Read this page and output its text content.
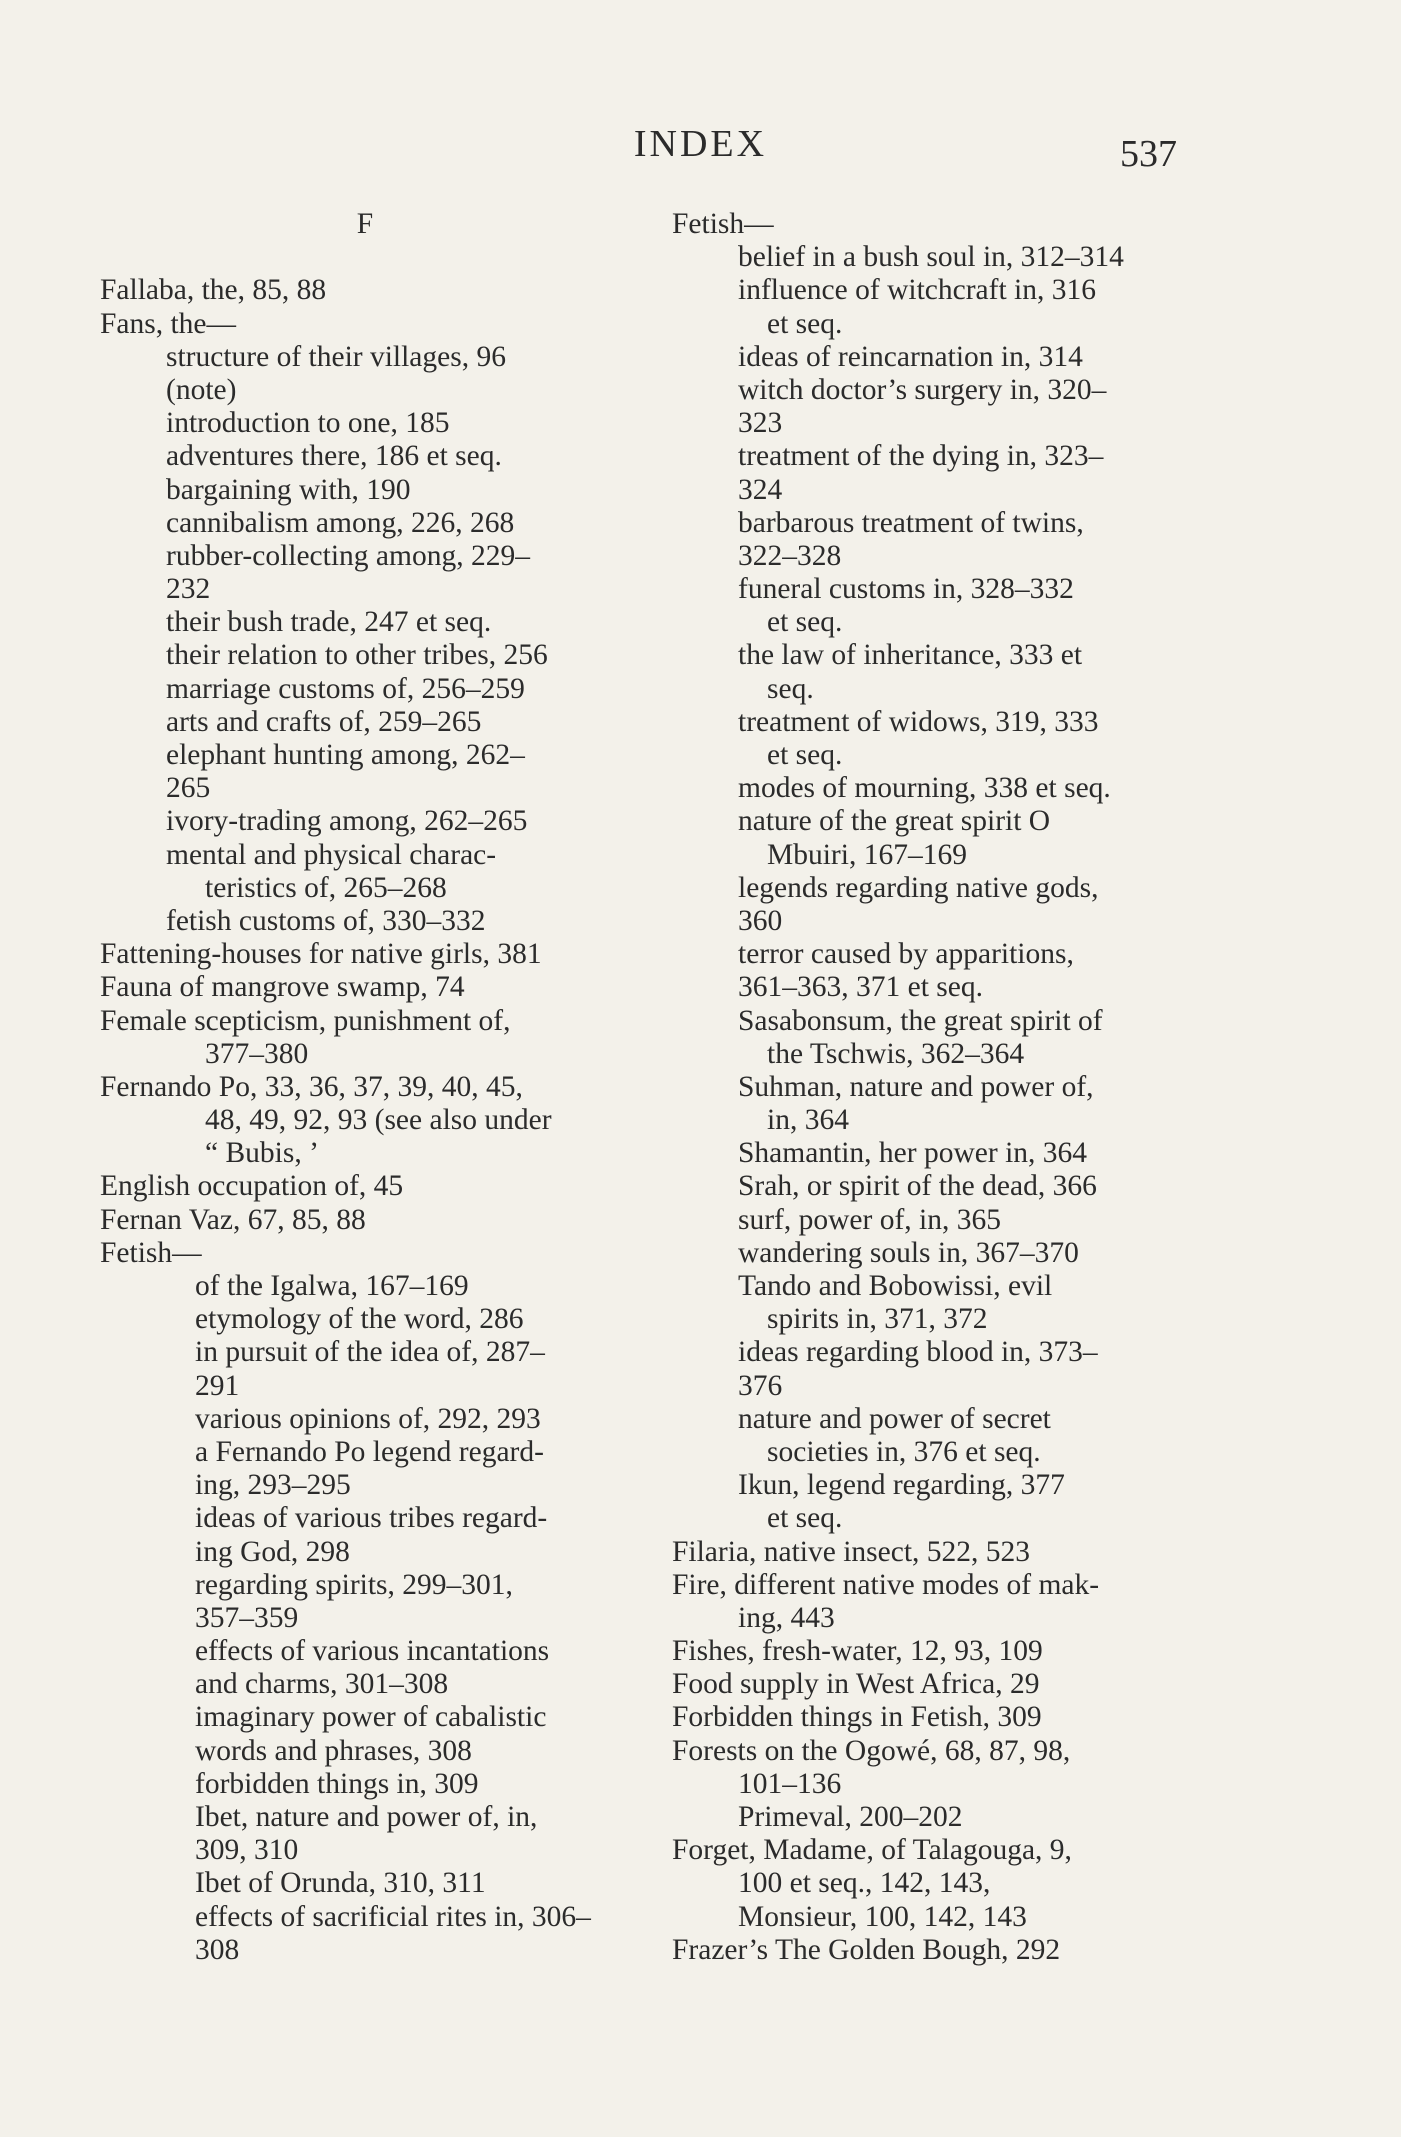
INDEX	537
F
Fallaba, the, 85, 88
Fans, the—
structure of their villages, 96
(note)
introduction to one, 185
adventures there, 186 et seq.
bargaining with, 190
cannibalism among, 226, 268
rubber-collecting among, 229–
232
their bush trade, 247 et seq.
their relation to other tribes, 256
marriage customs of, 256–259
arts and crafts of, 259–265
elephant hunting among, 262–
265
ivory-trading among, 262–265
mental and physical charac-
teristics of, 265–268
fetish customs of, 330–332
Fattening-houses for native girls, 381
Fauna of mangrove swamp, 74
Female scepticism, punishment of,
377–380
Fernando Po, 33, 36, 37, 39, 40, 45,
48, 49, 92, 93 (see also under
“ Bubis, ’
English occupation of, 45
Fernan Vaz, 67, 85, 88
Fetish—
of the Igalwa, 167–169
etymology of the word, 286
in pursuit of the idea of, 287–
291
various opinions of, 292, 293
a Fernando Po legend regard-
ing, 293–295
ideas of various tribes regard-
ing God, 298
regarding spirits, 299–301,
357–359
effects of various incantations
and charms, 301–308
imaginary power of cabalistic
words and phrases, 308
forbidden things in, 309
Ibet, nature and power of, in,
309, 310
Ibet of Orunda, 310, 311
effects of sacrificial rites in, 306–
308
Fetish—
belief in a bush soul in, 312–314
influence of witchcraft in, 316
et seq.
ideas of reincarnation in, 314
witch doctor’s surgery in, 320–
323
treatment of the dying in, 323–
324
barbarous treatment of twins,
322–328
funeral customs in, 328–332
et seq.
the law of inheritance, 333 et
seq.
treatment of widows, 319, 333
et seq.
modes of mourning, 338 et seq.
nature of the great spirit O
Mbuiri, 167–169
legends regarding native gods,
360
terror caused by apparitions,
361–363, 371 et seq.
Sasabonsum, the great spirit of
the Tschwis, 362–364
Suhman, nature and power of,
in, 364
Shamantin, her power in, 364
Srah, or spirit of the dead, 366
surf, power of, in, 365
wandering souls in, 367–370
Tando and Bobowissi, evil
spirits in, 371, 372
ideas regarding blood in, 373–
376
nature and power of secret
societies in, 376 et seq.
Ikun, legend regarding, 377
et seq.
Filaria, native insect, 522, 523
Fire, different native modes of mak-
ing, 443
Fishes, fresh-water, 12, 93, 109
Food supply in West Africa, 29
Forbidden things in Fetish, 309
Forests on the Ogowé, 68, 87, 98,
101–136
Primeval, 200–202
Forget, Madame, of Talagouga, 9,
100 et seq., 142, 143,
Monsieur, 100, 142, 143
Frazer’s The Golden Bough, 292
